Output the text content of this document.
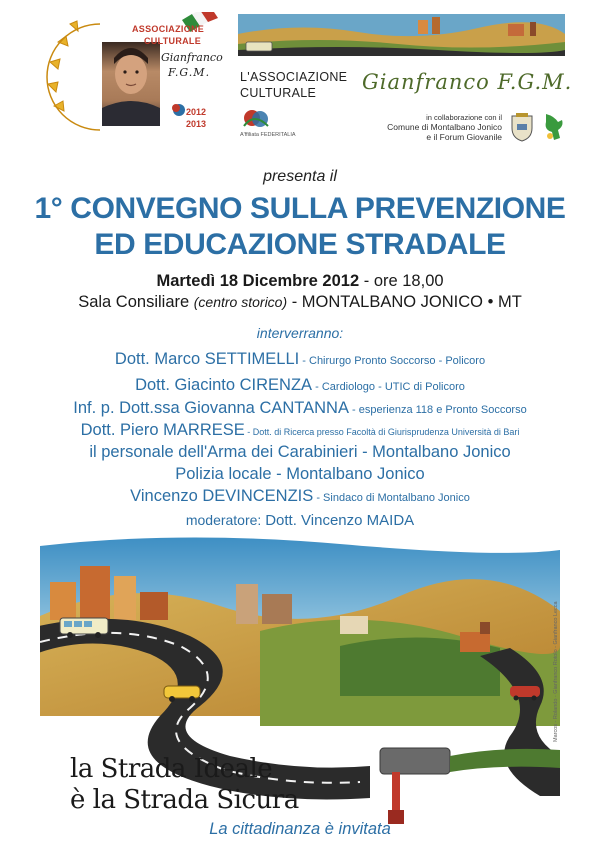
ASSOCIAZIONE
CULTURALE
Gianfranco
F.G.M.
2012
2013
L'ASSOCIAZIONE
CULTURALE Gianfranco F.G.M.
A'ffiliata FEDERITALIA
in collaborazione con il
Comune di Montalbano Jonico
e il Forum Giovanile
presenta il
1° CONVEGNO SULLA PREVENZIONE
ED EDUCAZIONE STRADALE
Martedì 18 Dicembre 2012 - ore 18,00
Sala Consiliare (centro storico) - MONTALBANO JONICO • MT
interverranno:
Dott. Marco SETTIMELLI - Chirurgo Pronto Soccorso - Policoro
Dott. Giacinto CIRENZA - Cardiologo - UTIC di Policoro
Inf. p. Dott.ssa Giovanna CANTANNA - esperienza 118 e Pronto Soccorso
Dott. Piero MARRESE - Dott. di Ricerca presso Facoltà di Giurisprudenza Università di Bari
il personale dell'Arma dei Carabinieri - Montalbano Jonico
Polizia locale - Montalbano Jonico
Vincenzo DEVINCENZIS - Sindaco di Montalbano Jonico
moderatore: Dott. Vincenzo MAIDA
la Strada Ideale
è la Strada Sicura
Marcos - Rolando - Gianfranco Rotolo - Gianfranco Lecca
La cittadinanza è invitata
